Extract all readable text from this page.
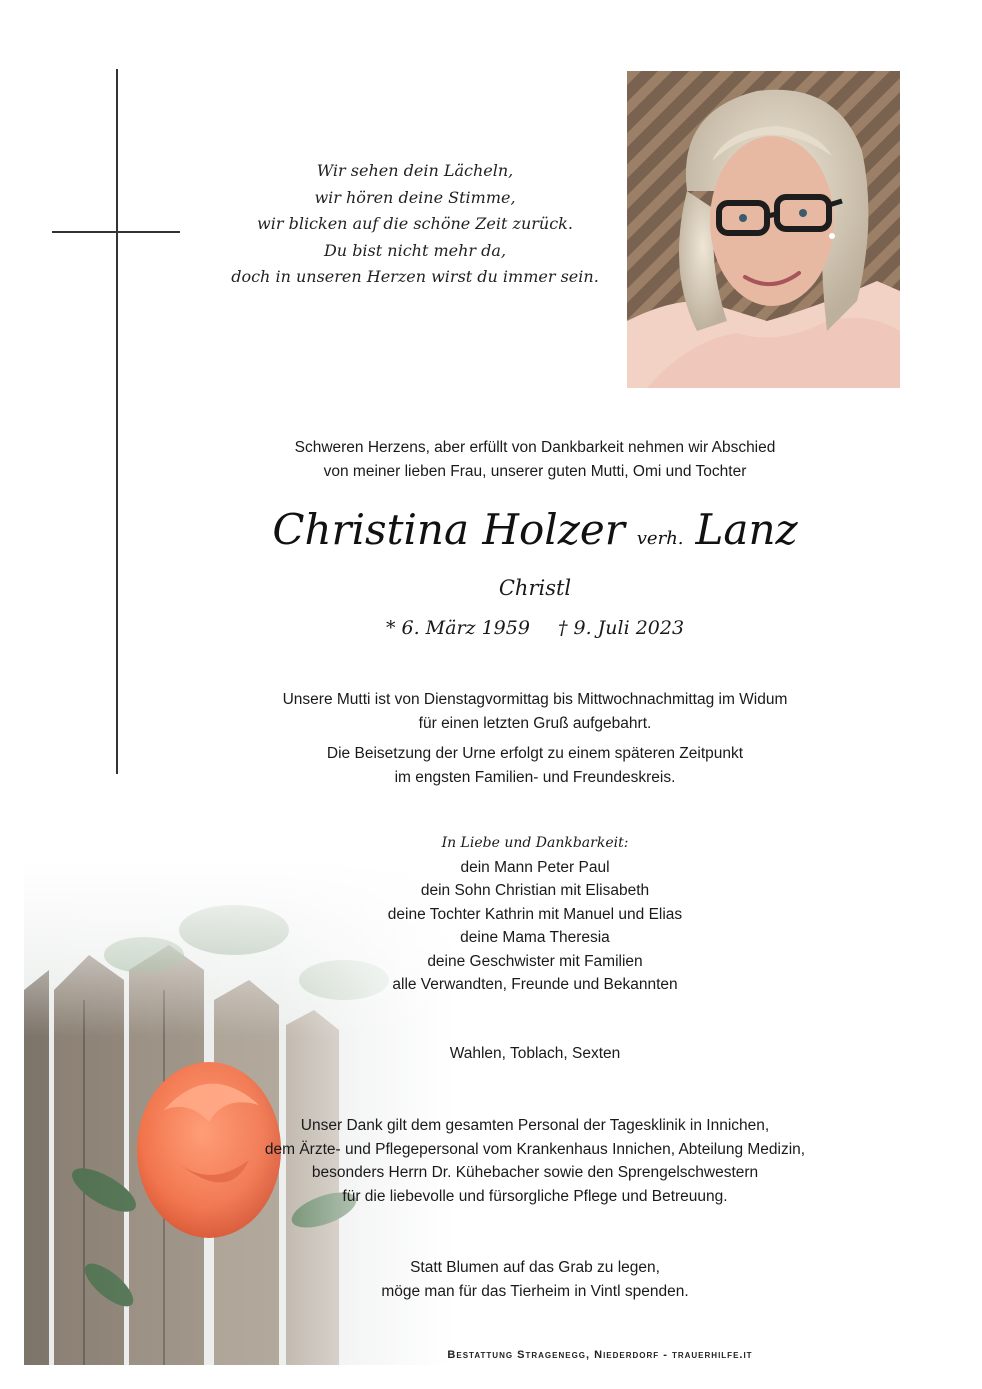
Wir sehen dein Lächeln,
wir hören deine Stimme,
wir blicken auf die schöne Zeit zurück.
Du bist nicht mehr da,
doch in unseren Herzen wirst du immer sein.
Schweren Herzens, aber erfüllt von Dankbarkeit nehmen wir Abschied
von meiner lieben Frau, unserer guten Mutti, Omi und Tochter
Christina Holzer verh. Lanz
Christl
* 6. März 1959 † 9. Juli 2023
Unsere Mutti ist von Dienstagvormittag bis Mittwochnachmittag im Widum
für einen letzten Gruß aufgebahrt.
Die Beisetzung der Urne erfolgt zu einem späteren Zeitpunkt
im engsten Familien- und Freundeskreis.
In Liebe und Dankbarkeit:
dein Mann Peter Paul
dein Sohn Christian mit Elisabeth
deine Tochter Kathrin mit Manuel und Elias
deine Mama Theresia
deine Geschwister mit Familien
alle Verwandten, Freunde und Bekannten
Wahlen, Toblach, Sexten
Unser Dank gilt dem gesamten Personal der Tagesklinik in Innichen,
dem Ärzte- und Pflegepersonal vom Krankenhaus Innichen, Abteilung Medizin,
besonders Herrn Dr. Kühebacher sowie den Sprengelschwestern
für die liebevolle und fürsorgliche Pflege und Betreuung.
Statt Blumen auf das Grab zu legen,
möge man für das Tierheim in Vintl spenden.
Bestattung Stragenegg, Niederdorf - trauerhilfe.it
